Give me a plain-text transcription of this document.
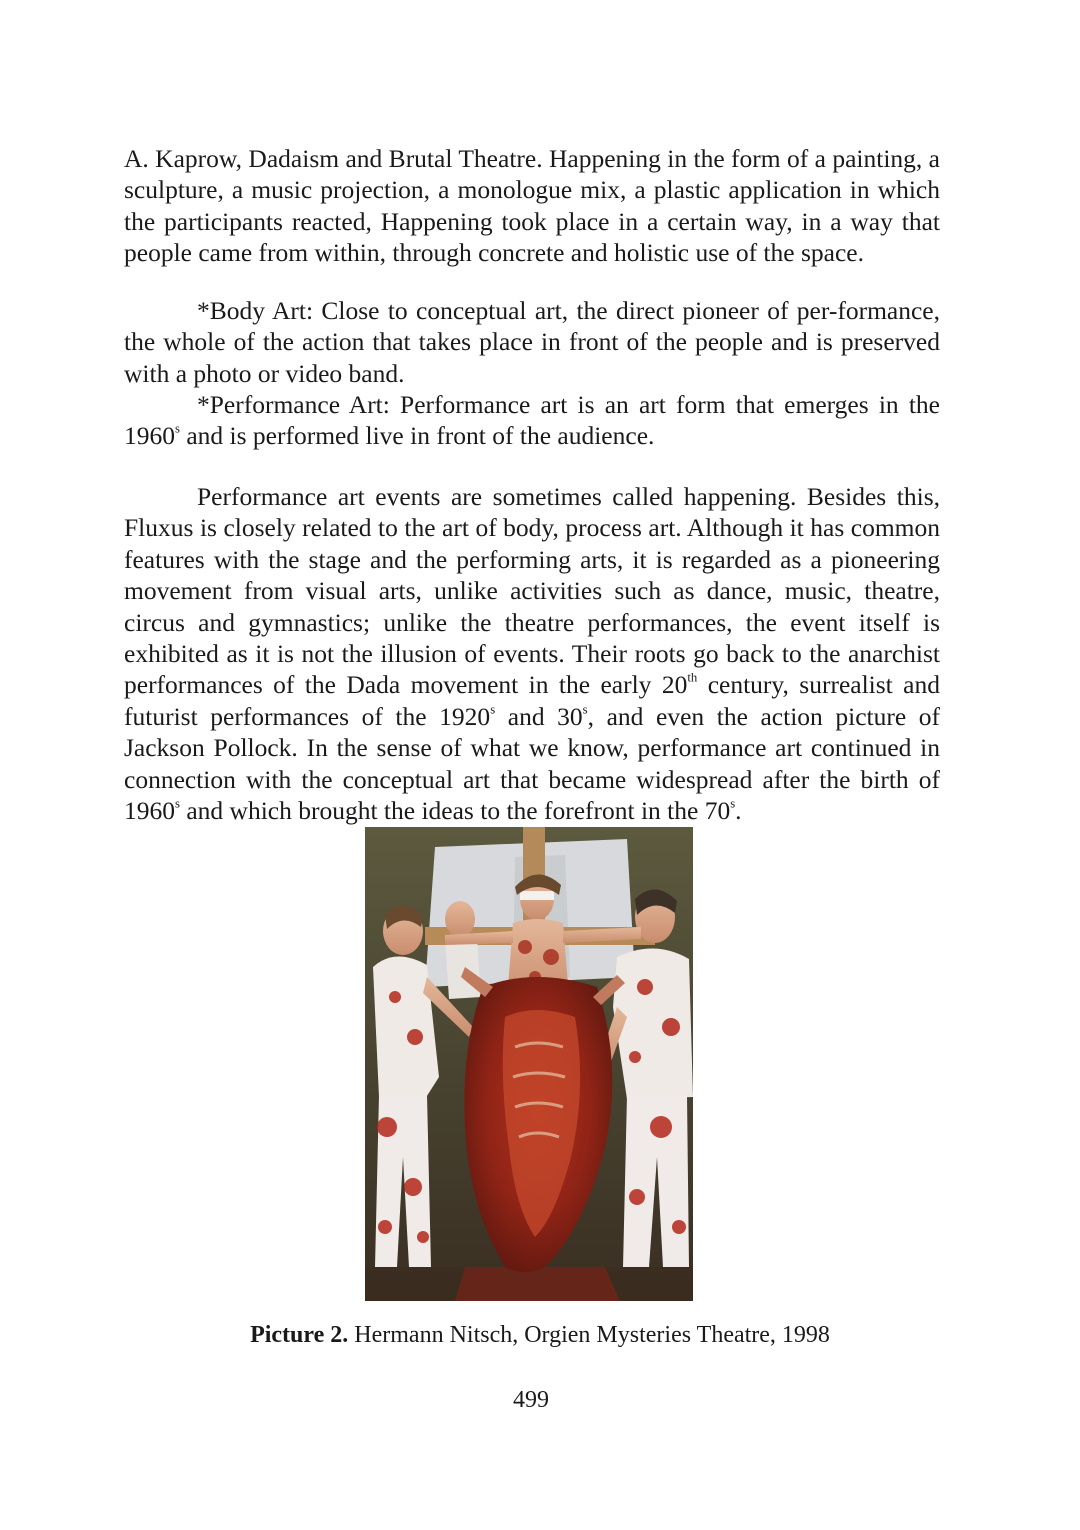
A. Kaprow, Dadaism and Brutal Theatre. Happening in the form of a painting, a sculpture, a music projection, a monologue mix, a plastic application in which the participants reacted, Happening took place in a certain way, in a way that people came from within, through concrete and holistic use of the space.

*Body Art: Close to conceptual art, the direct pioneer of per-formance, the whole of the action that takes place in front of the people and is preserved with a photo or video band.

*Performance Art: Performance art is an art form that emerges in the 1960$^s$ and is performed live in front of the audience.

Performance art events are sometimes called happening. Besides this, Fluxus is closely related to the art of body, process art. Although it has common features with the stage and the performing arts, it is regarded as a pioneering movement from visual arts, unlike activities such as dance, music, theatre, circus and gymnastics; unlike the theatre performances, the event itself is exhibited as it is not the illusion of events. Their roots go back to the anarchist performances of the Dada movement in the early 20th century, surrealist and futurist performances of the 1920$^s$ and 30$^s$, and even the action picture of Jackson Pollock. In the sense of what we know, performance art continued in connection with the conceptual art that became widespread after the birth of 1960$^s$ and which brought the ideas to the forefront in the 70$^s$.

Picture 2. Hermann Nitsch, Orgien Mysteries Theatre, 1998
499
